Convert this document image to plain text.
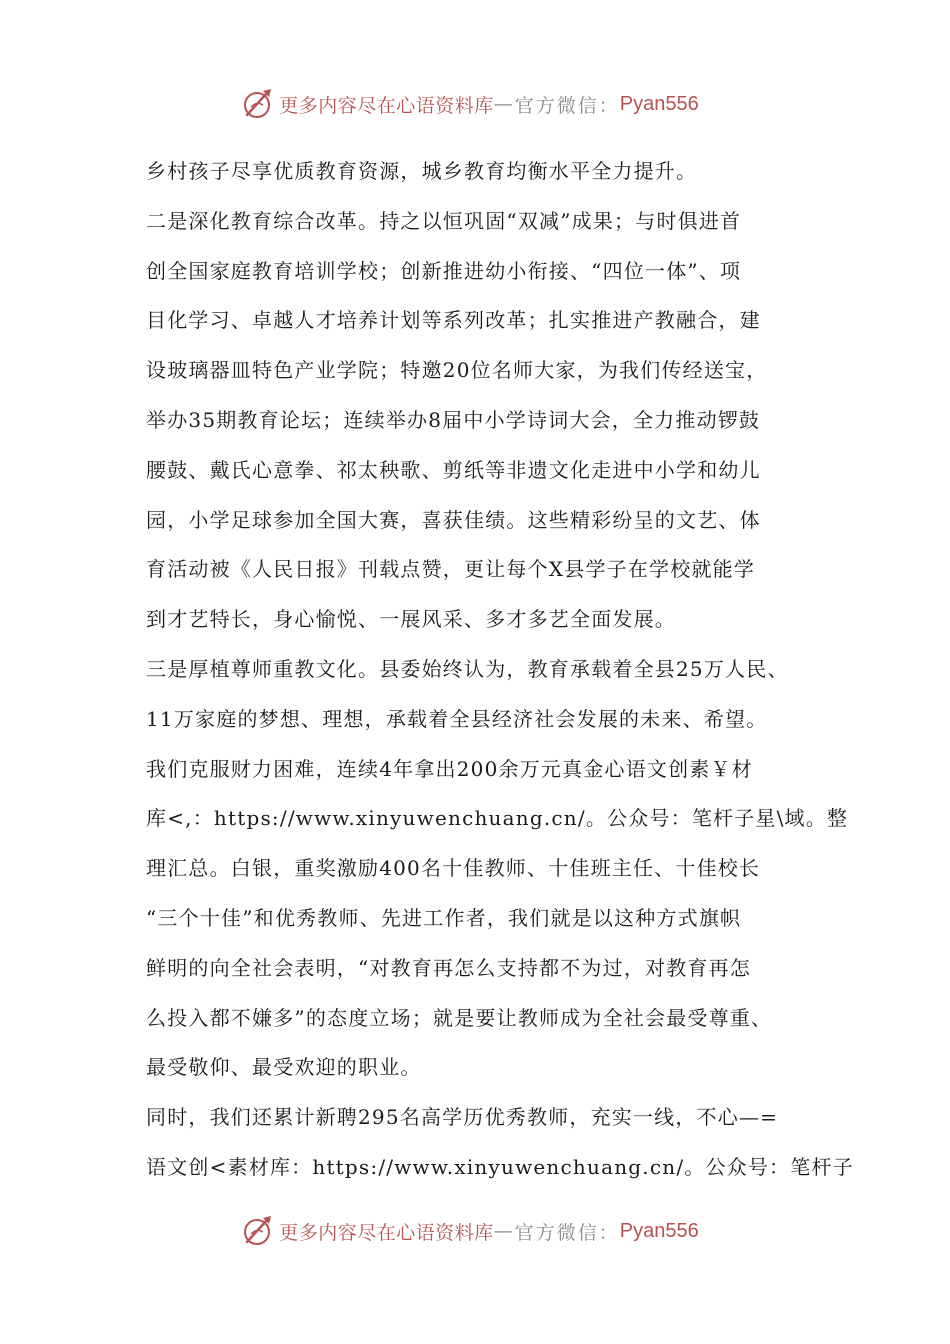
更多内容尽在心语资料库 — 官方微信： Pyan556
乡村孩子尽享优质教育资源，城乡教育均衡水平全力提升。
二是深化教育综合改革。持之以恒巩固“双减”成果；与时俱进首
创全国家庭教育培训学校；创新推进幼小衔接、“四位一体”、项
目化学习、卓越人才培养计划等系列改革；扎实推进产教融合，建
设玻璃器皿特色产业学院；特邀20位名师大家，为我们传经送宝，
举办35期教育论坛；连续举办8届中小学诗词大会，全力推动锣鼓
腰鼓、戴氏心意拳、祁太秧歌、剪纸等非遗文化走进中小学和幼儿
园，小学足球参加全国大赛，喜获佳绩。这些精彩纷呈的文艺、体
育活动被《人民日报》刊载点赞，更让每个X县学子在学校就能学
到才艺特长，身心愉悦、一展风采、多才多艺全面发展。
三是厚植尊师重教文化。县委始终认为，教育承载着全县25万人民、
11万家庭的梦想、理想，承载着全县经济社会发展的未来、希望。
我们克服财力困难，连续4年拿出200余万元真金心语文创素￥材
库<,：https://www.xinyuwenchuang.cn/。公众号：笔杆子星\域。整
理汇总。白银，重奖激励400名十佳教师、十佳班主任、十佳校长
“三个十佳”和优秀教师、先进工作者，我们就是以这种方式旗帜
鲜明的向全社会表明，“对教育再怎么支持都不为过，对教育再怎
么投入都不嫌多”的态度立场；就是要让教师成为全社会最受尊重、
最受敬仰、最受欢迎的职业。
同时，我们还累计新聘295名高学历优秀教师，充实一线，不心—=
语文创<素材库：https://www.xinyuwenchuang.cn/。公众号：笔杆子
更多内容尽在心语资料库 — 官方微信： Pyan556
